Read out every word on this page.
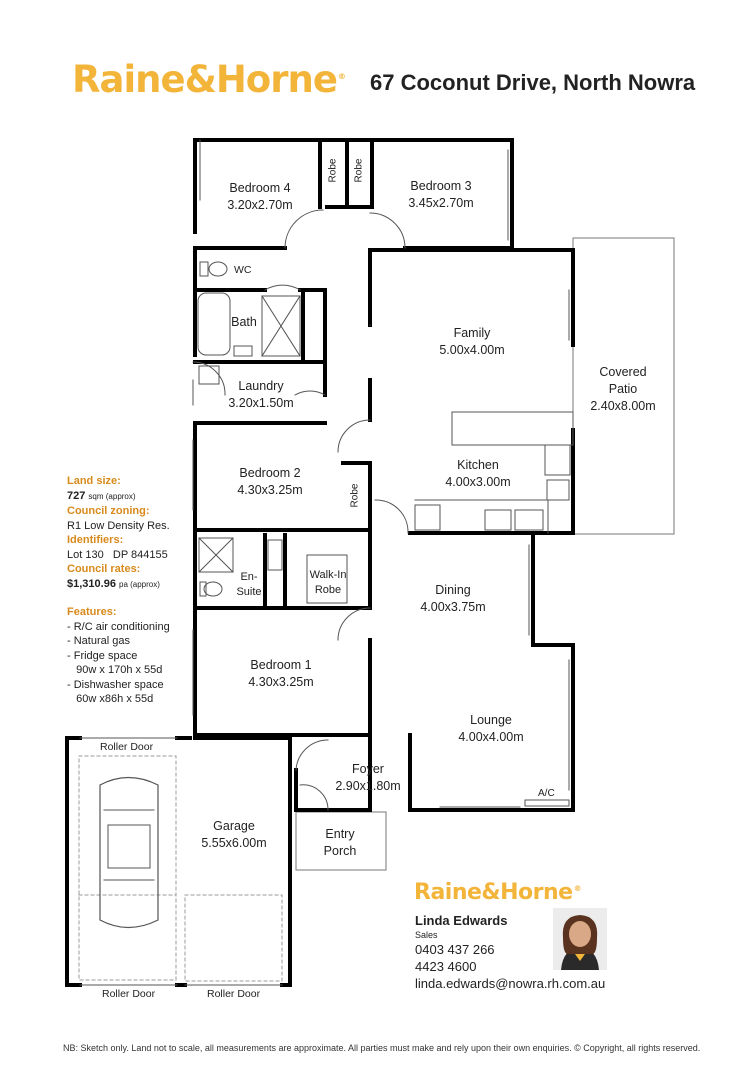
Raine&Horne® 67 Coconut Drive, North Nowra
Bedroom 4
3.20x2.70m
Bedroom 3
3.45x2.70m
Robe Robe
WC
Bath
Laundry
3.20x1.50m
Family
5.00x4.00m
Covered
Patio
2.40x8.00m
Kitchen
4.00x3.00m
Bedroom 2
4.30x3.25m	Robe
En-
Suite
Walk-In
Robe	Dining
4.00x3.75m
Bedroom 1
4.30x3.25m
Lounge
4.00x4.00m
Foyer
2.90x1.80m
Entry
Porch
Garage
5.55x6.00m
Roller Door
Roller Door	Roller Door
A/C
Land size:
727 sqm (approx)
Council zoning:
R1 Low Density Res.
Identifiers:
Lot 130 DP 844155
Council rates:
$1,310.96 pa (approx)
Features:
- R/C air conditioning
- Natural gas
- Fridge space
90w x 170h x 55d
- Dishwasher space
60w x86h x 55d
Raine&Horne®
Linda Edwards
Sales
0403 437 266
4423 4600
linda.edwards@nowra.rh.com.au
NB: Sketch only. Land not to scale, all measurements are approximate. All parties must make and rely upon their own enquiries. © Copyright, all rights reserved.
